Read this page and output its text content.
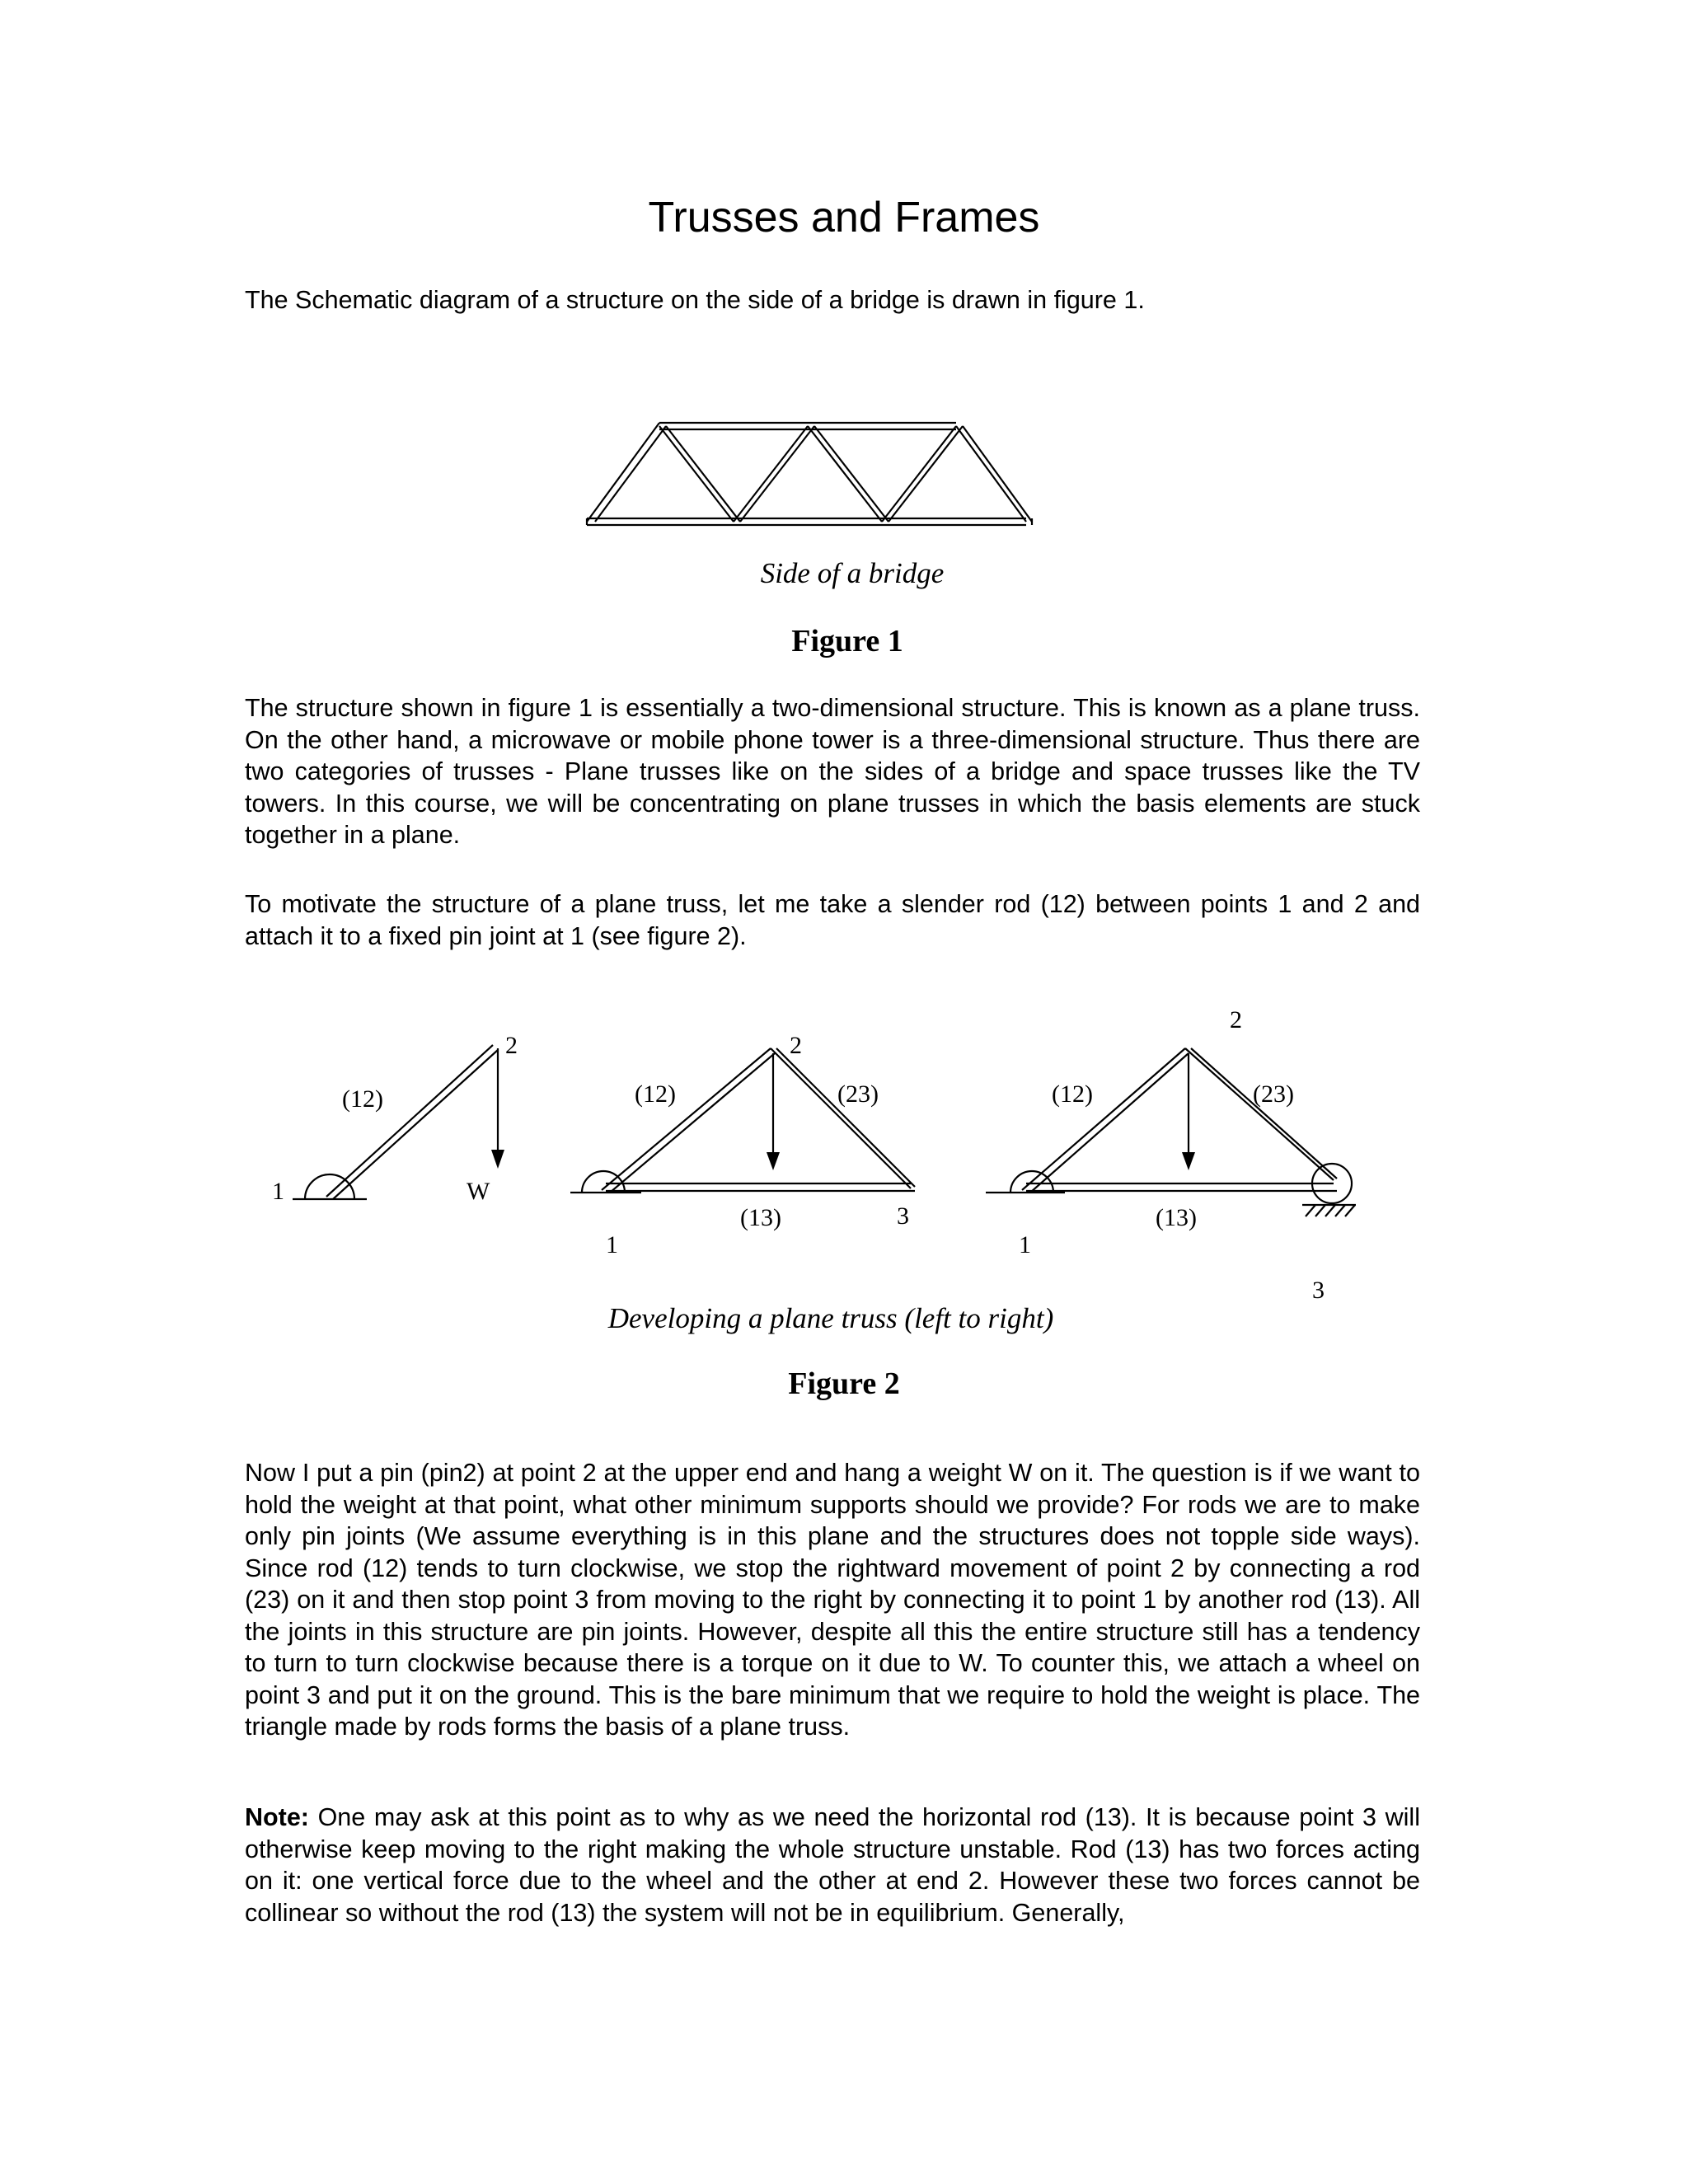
Trusses and Frames

The Schematic diagram of a structure on the side of a bridge is drawn in figure 1.

Side of a bridge
Figure 1

The structure shown in figure 1 is essentially a two-dimensional structure. This is known as a plane truss. On the other hand, a microwave or mobile phone tower is a three-dimensional structure. Thus there are two categories of trusses - Plane trusses like on the sides of a bridge and space trusses like the TV towers. In this course, we will be concentrating on plane trusses in which the basis elements are stuck together in a plane.

To motivate the structure of a plane truss, let me take a slender rod (12) between points 1 and 2 and attach it to a fixed pin joint at 1 (see figure 2).

(12)
2
1	W
(12)
2
(23)
(13)	3
1
(12)
2
(23)
(13)
1
3
Developing a plane truss (left to right)
Figure 2

Now I put a pin (pin2) at point 2 at the upper end and hang a weight W on it. The question is if we want to hold the weight at that point, what other minimum supports should we provide? For rods we are to make only pin joints (We assume everything is in this plane and the structures does not topple side ways). Since rod (12) tends to turn clockwise, we stop the rightward movement of point 2 by connecting a rod (23) on it and then stop point 3 from moving to the right by connecting it to point 1 by another rod (13). All the joints in this structure are pin joints. However, despite all this the entire structure still has a tendency to turn to turn clockwise because there is a torque on it due to W. To counter this, we attach a wheel on point 3 and put it on the ground. This is the bare minimum that we require to hold the weight is place. The triangle made by rods forms the basis of a plane truss.

Note: One may ask at this point as to why as we need the horizontal rod (13). It is because point 3 will otherwise keep moving to the right making the whole structure unstable. Rod (13) has two forces acting on it: one vertical force due to the wheel and the other at end 2. However these two forces cannot be collinear so without the rod (13) the system will not be in equilibrium. Generally,
